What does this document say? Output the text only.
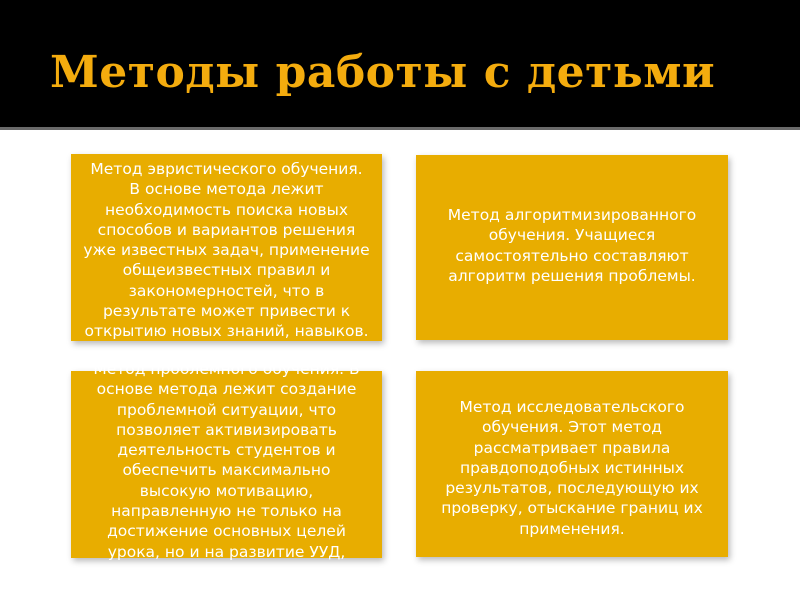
Методы работы с детьми
Метод эвристического обучения.
В основе метода лежит
необходимость поиска новых
способов и вариантов решения
уже известных задач, применение
общеизвестных правил и
закономерностей, что в
результате может привести к
открытию новых знаний, навыков.
Метод алгоритмизированного
обучения. Учащиеся
самостоятельно составляют
алгоритм решения проблемы.
Метод проблемного обучения. В
основе метода лежит создание
проблемной ситуации, что
позволяет активизировать
деятельность студентов и
обеспечить максимально
высокую мотивацию,
направленную не только на
достижение основных целей
урока, но и на развитие УУД,
Метод исследовательского
обучения. Этот метод
рассматривает правила
правдоподобных истинных
результатов, последующую их
проверку, отыскание границ их
применения.
